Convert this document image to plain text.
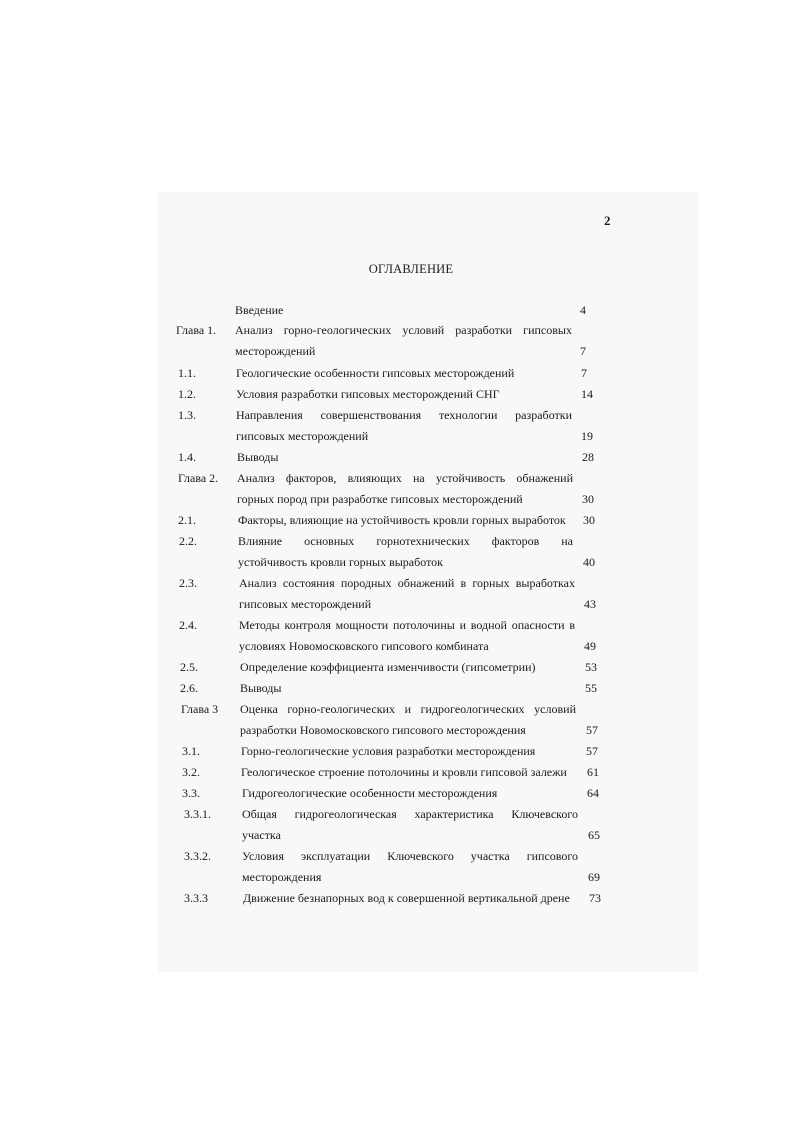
2
ОГЛАВЛЕНИЕ
Введение	4
Глава 1. Анализ горно-геологических условий разработки гипсовых
месторождений	7
1.1.	Геологические особенности гипсовых месторождений	7
1.2.	Условия разработки гипсовых месторождений СНГ	14
1.3.	Направления совершенствования технологии разработки
гипсовых месторождений	19
1.4.	Выводы	28
Глава 2. Анализ факторов, влияющих на устойчивость обнажений
горных пород при разработке гипсовых месторождений	30
2.1.	Факторы, влияющие на устойчивость кровли горных выработок 30
2.2.	Влияние основных горнотехнических факторов на
устойчивость кровли горных выработок	40
2.3.	Анализ состояния породных обнажений в горных выработках
гипсовых месторождений	43
2.4.	Методы контроля мощности потолочины и водной опасности в
условиях Новомосковского гипсового комбината	49
2.5.	Определение коэффициента изменчивости (гипсометрии)	53
2.6.	Выводы	55
Глава 3 Оценка горно-геологических и гидрогеологических условий
разработки Новомосковского гипсового месторождения	57
3.1.	Горно-геологические условия разработки месторождения	57
3.2.	Геологическое строение потолочины и кровли гипсовой залежи 61
3.3.	Гидрогеологические особенности месторождения	64
3.3.1.	Общая гидрогеологическая характеристика Ключевского
участка	65
3.3.2.	Условия эксплуатации Ключевского участка гипсового
месторождения	69
3.3.3	Движение безнапорных вод к совершенной вертикальной дрене 73
